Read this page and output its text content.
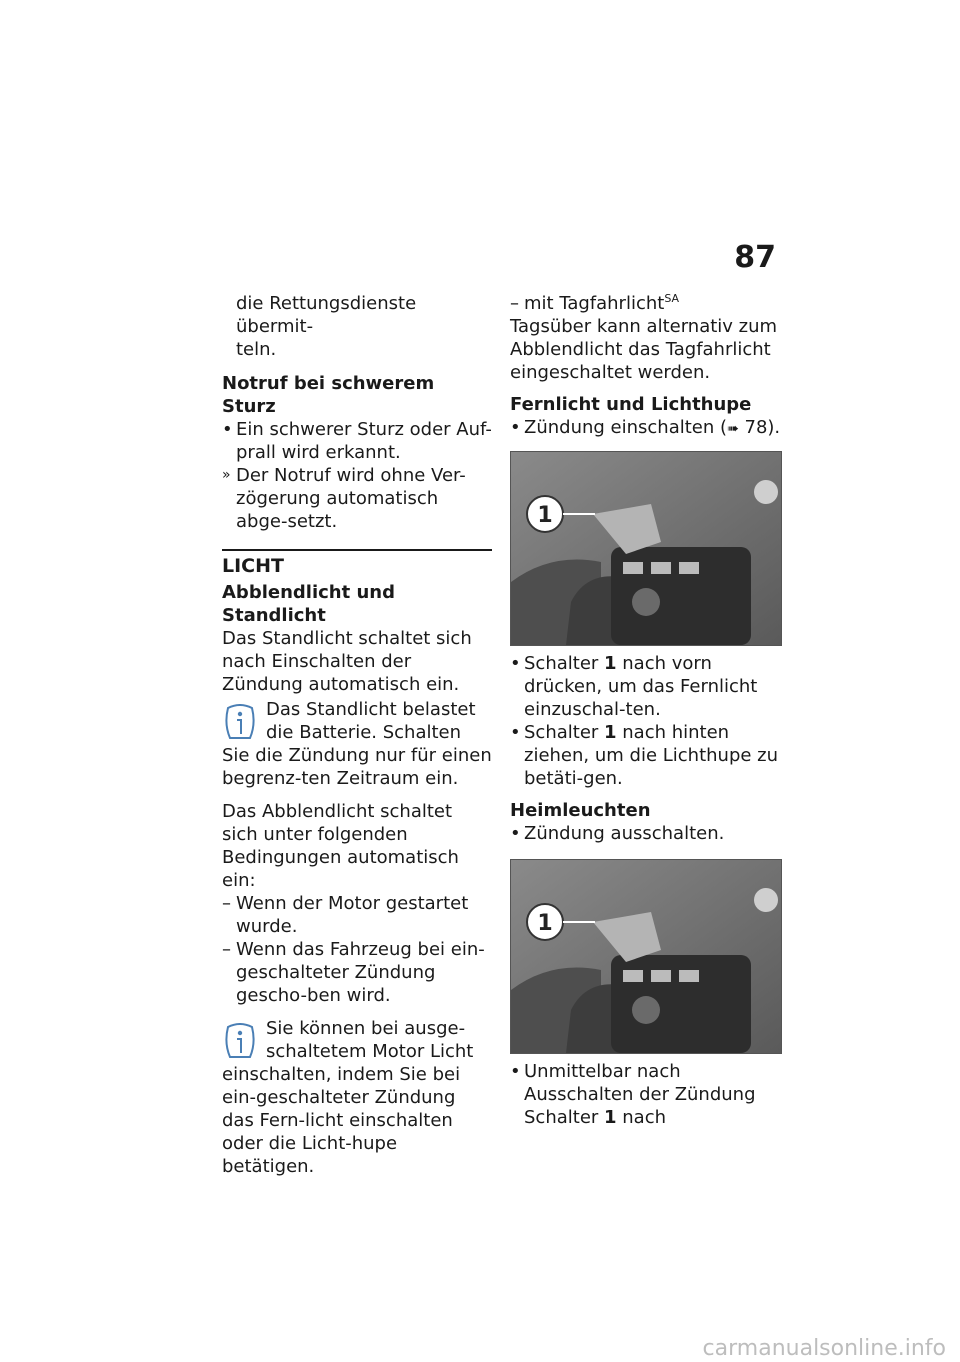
87

die Rettungsdienste übermit-

teln.

Notruf bei schwerem Sturz

• Ein schwerer Sturz oder Auf-prall wird erkannt.
» Der Notruf wird ohne Ver-zögerung automatisch abge-setzt.
LICHT

Abblendlicht und Standlicht

Das Standlicht schaltet sich nach Einschalten der Zündung automatisch ein.

Das Standlicht belastet die Batterie. Schalten Sie die Zündung nur für einen begrenz-ten Zeitraum ein.

Das Abblendlicht schaltet sich unter folgenden Bedingungen automatisch ein:

– Wenn der Motor gestartet wurde.
– Wenn das Fahrzeug bei ein-geschalteter Zündung gescho-ben wird.
Sie können bei ausge-schaltetem Motor Licht einschalten, indem Sie bei ein-geschalteter Zündung das Fern-licht einschalten oder die Licht-hupe betätigen.
– mit Tagfahrlicht$^{SA}$

Tagsüber kann alternativ zum Abblendlicht das Tagfahrlicht eingeschaltet werden.

Fernlicht und Lichthupe

• Zündung einschalten (➠ 78).
1
• Schalter 1 nach vorn drücken, um das Fernlicht einzuschal-ten.
• Schalter 1 nach hinten ziehen, um die Lichthupe zu betäti-gen.

Heimleuchten

• Zündung ausschalten.
1
• Unmittelbar nach Ausschalten der Zündung Schalter 1 nach
carmanualsonline.info
